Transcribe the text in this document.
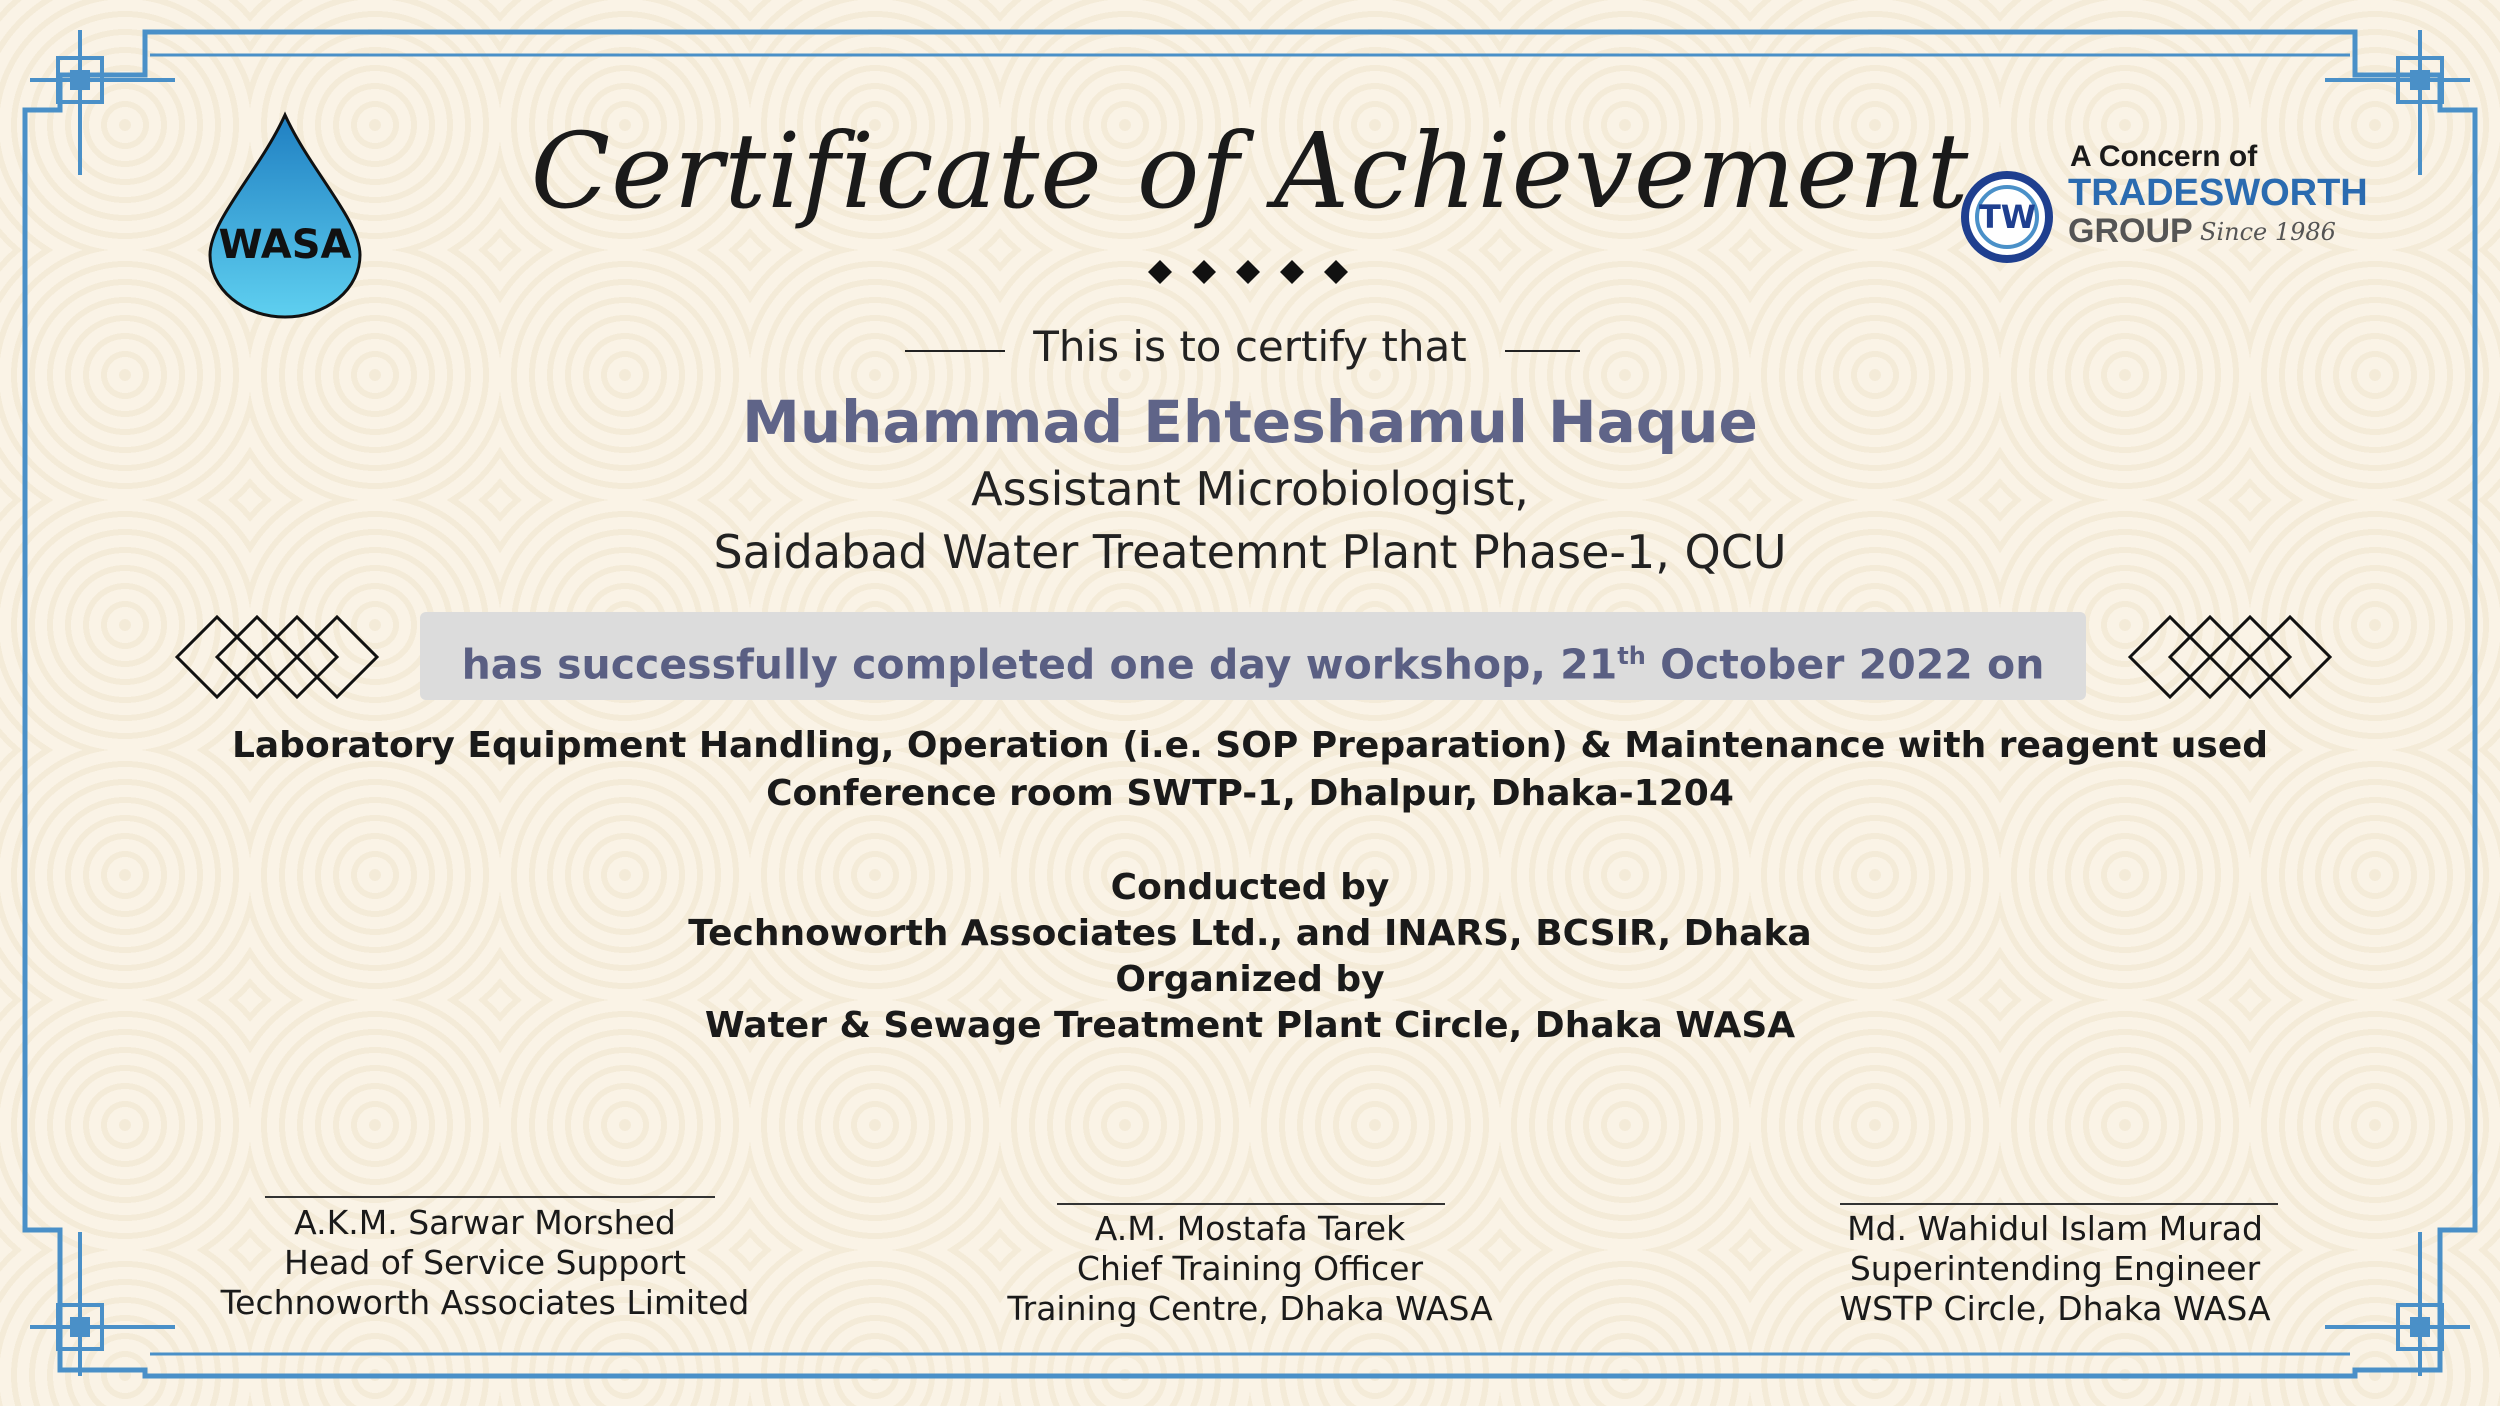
WASA
A Concern of
TW
TRADESWORTH
GROUP Since 1986
Certificate of Achievement
This is to certify that
Muhammad Ehteshamul Haque
Assistant Microbiologist,
Saidabad Water Treatemnt Plant Phase-1, QCU
has successfully completed one day workshop, 21th October 2022 on
Laboratory Equipment Handling, Operation (i.e. SOP Preparation) & Maintenance with reagent used
Conference room SWTP-1, Dhalpur, Dhaka-1204
Conducted by
Technoworth Associates Ltd., and INARS, BCSIR, Dhaka
Organized by
Water & Sewage Treatment Plant Circle, Dhaka WASA
A.K.M. Sarwar Morshed
Head of Service Support
Technoworth Associates Limited
A.M. Mostafa Tarek
Chief Training Officer
Training Centre, Dhaka WASA
Md. Wahidul Islam Murad
Superintending Engineer
WSTP Circle, Dhaka WASA
